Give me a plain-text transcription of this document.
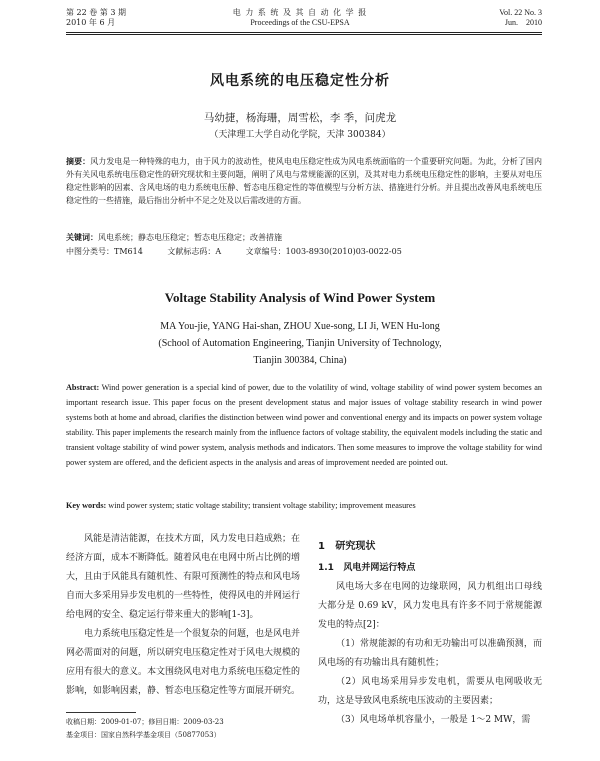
第 22 卷 第 3 期
2010 年 6 月
电 力 系 统 及 其 自 动 化 学 报
Proceedings of the CSU-EPSA
Vol. 22 No. 3
Jun.    2010
风电系统的电压稳定性分析
马幼捷，杨海珊，周雪松，李 季，问虎龙
（天津理工大学自动化学院，天津 300384）
摘要：风力发电是一种特殊的电力，由于风力的波动性，使风电电压稳定性成为风电系统面临的一个重要研究问题。为此，分析了国内外有关风电系统电压稳定性的研究现状和主要问题，阐明了风电与常规能源的区别，及其对电力系统电压稳定性的影响，主要从对电压稳定性影响的因素、含风电场的电力系统电压静、暂态电压稳定性的等值模型与分析方法、措施进行分析。并且提出改善风电系统电压稳定性的一些措施，最后指出分析中不足之处及以后需改进的方面。
关键词：风电系统；静态电压稳定；暂态电压稳定；改善措施
中图分类号：TM614	文献标志码：A	文章编号：1003-8930(2010)03-0022-05
Voltage Stability Analysis of Wind Power System
MA You-jie, YANG Hai-shan, ZHOU Xue-song, LI Ji, WEN Hu-long
(School of Automation Engineering, Tianjin University of Technology,
Tianjin 300384, China)
Abstract: Wind power generation is a special kind of power, due to the volatility of wind, voltage stability of wind power system becomes an important research issue. This paper focus on the present development status and major issues of voltage stability research in wind power systems both at home and abroad, clarifies the distinction between wind power and conventional energy and its impacts on power system voltage stability. This paper implements the research mainly from the influence factors of voltage stability, the equivalent models including the static and transient voltage stability of wind power system, analysis methods and indicators. Then some measures to improve the voltage stability for wind power system are offered, and the deficient aspects in the analysis and areas of improvement needed are pointed out.
Key words: wind power system; static voltage stability; transient voltage stability; improvement measures

风能是清洁能源，在技术方面，风力发电日趋成熟；在经济方面，成本不断降低。随着风电在电网中所占比例的增大，且由于风能具有随机性、有限可预测性的特点和风电场自而大多采用异步发电机的一些特性，使得风电的并网运行给电网的安全、稳定运行带来重大的影响[1-3]。

电力系统电压稳定性是一个很复杂的问题，也是风电并网必需面对的问题，所以研究电压稳定性对于风电大规模的应用有很大的意义。本文围绕风电对电力系统电压稳定性的影响，如影响因素，静、暂态电压稳定性等方面展开研究。

1   研究现状
1.1   风电并网运行特点

风电场大多在电网的边缘联网，风力机组出口母线大都分是 0.69 kV，风力发电具有许多不同于常规能源发电的特点[2]：

（1）常规能源的有功和无功输出可以准确预测，而风电场的有功输出具有随机性；

（2）风电场采用异步发电机，需要从电网吸收无功，这是导致风电系统电压波动的主要因素；

（3）风电场单机容量小，一般是 1～2 MW，需

收稿日期：2009-01-07；修回日期：2009-03-23
基金项目：国家自然科学基金项目（50877053）
